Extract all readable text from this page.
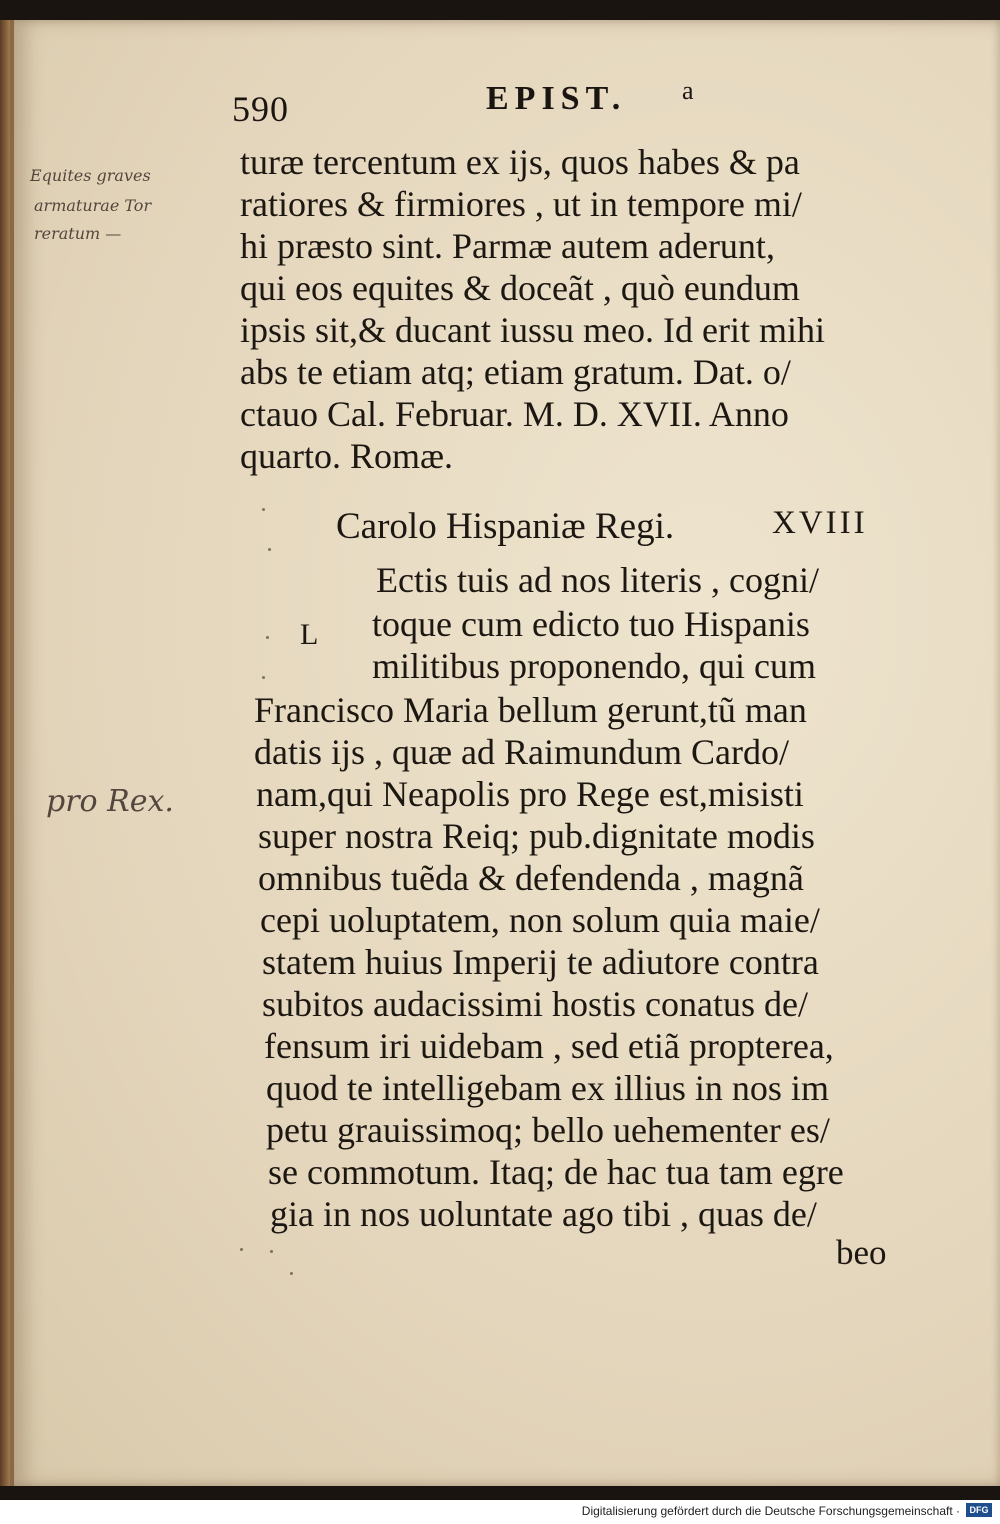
590	EPIST. a
Equites graves
armaturae Tor
reratum —
pro Rex.
turæ tercentum ex ijs, quos habes & pa
ratiores & firmiores , ut in tempore mi/
hi præsto sint. Parmæ autem aderunt,
qui eos equites & doceãt , quò eundum
ipsis sit,& ducant iussu meo. Id erit mihi
abs te etiam atq; etiam gratum. Dat. o/
ctauo Cal. Februar. M. D. XVII. Anno
quarto. Romæ.
Carolo Hispaniæ Regi.	XVIII
L
Ectis tuis ad nos literis , cogni/
toque cum edicto tuo Hispanis
militibus proponendo, qui cum
Francisco Maria bellum gerunt,tũ man
datis ijs , quæ ad Raimundum Cardo/
nam,qui Neapolis pro Rege est,misisti
super nostra Reiq; pub.dignitate modis
omnibus tuẽda & defendenda , magnã
cepi uoluptatem, non solum quia maie/
statem huius Imperij te adiutore contra
subitos audacissimi hostis conatus de/
fensum iri uidebam , sed etiã propterea,
quod te intelligebam ex illius in nos im
petu grauissimoq; bello uehementer es/
se commotum. Itaq; de hac tua tam egre
gia in nos uoluntate ago tibi , quas de/
beo
Digitalisierung gefördert durch die Deutsche Forschungsgemeinschaft ·	DFG
